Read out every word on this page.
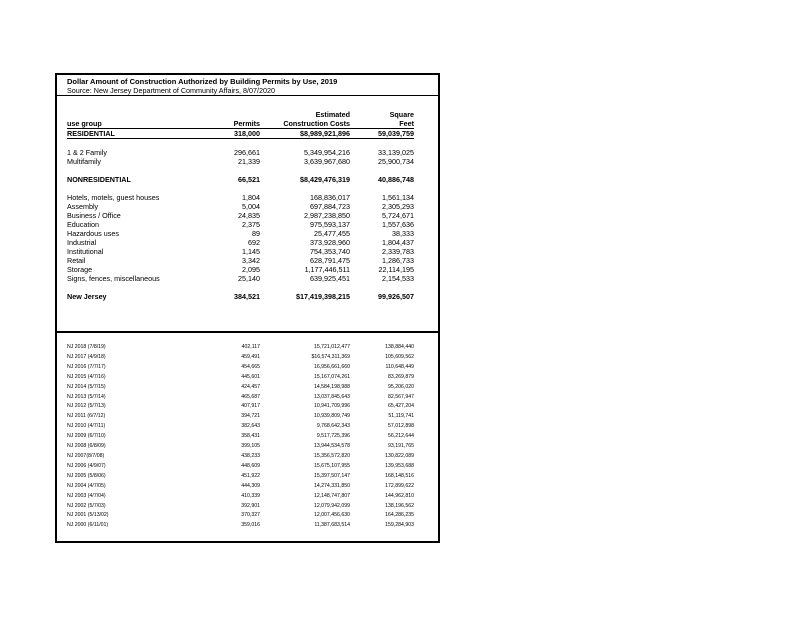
Dollar Amount of Construction Authorized by Building Permits by Use, 2019
Source: New Jersey Department of Community Affairs, 8/07/2020
		Estimated	Square
use group	Permits	Construction Costs	Feet
RESIDENTIAL	318,000	$8,989,921,896	59,039,759

1 & 2 Family	296,661	5,349,954,216	33,139,025
Multifamily	21,339	3,639,967,680	25,900,734

NONRESIDENTIAL	66,521	$8,429,476,319	40,886,748

Hotels, motels, guest houses	1,804	168,836,017	1,561,134
Assembly	5,004	697,884,723	2,305,293
Business / Office	24,835	2,987,238,850	5,724,671
Education	2,375	975,593,137	1,557,636
Hazardous uses	89	25,477,455	38,333
Industrial	692	373,928,960	1,804,437
Institutional	1,145	754,353,740	2,339,783
Retail	3,342	628,791,475	1,286,733
Storage	2,095	1,177,446,511	22,114,195
Signs, fences, miscellaneous	25,140	639,925,451	2,154,533

New Jersey	384,521	$17,419,398,215	99,926,507
NJ 2018 (7/8/19)	402,117	15,721,012,477	138,884,440
NJ 2017 (4/9/18)	459,491	$16,574,311,369	105,609,562
NJ 2016 (7/7/17)	454,665	16,956,661,660	110,648,449
NJ 2015 (4/7/16)	445,601	15,167,074,261	83,269,879
NJ 2014 (5/7/15)	424,457	14,584,198,988	95,206,020
NJ 2013 (5/7/14)	465,687	13,037,845,643	82,567,947
NJ 2012 (5/7/13)	407,917	10,941,709,996	65,427,204
NJ 2011 (6/7/12)	394,721	10,939,809,749	51,119,741
NJ 2010 (4/7/11)	382,643	9,768,642,343	57,012,898
NJ 2009 (6/7/10)	358,431	9,517,725,396	56,212,644
NJ 2008 (6/8/09)	399,105	13,944,534,578	93,191,765
NJ 2007(8/7/08)	438,233	15,356,572,820	130,822,089
NJ 2006 (4/9/07)	448,609	15,675,107,955	139,953,688
NJ 2005 (5/8/06)	451,922	15,397,507,147	168,148,516
NJ 2004 (4/7/05)	444,309	14,274,331,850	172,899,622
NJ 2003 (4/7/04)	410,339	12,148,747,807	144,962,810
NJ 2002 (5/7/03)	392,901	12,079,942,099	138,196,562
NJ 2001 (5/13/02)	370,327	12,007,456,630	164,286,235
NJ 2000 (6/11/01)	359,016	11,387,683,514	159,284,903
